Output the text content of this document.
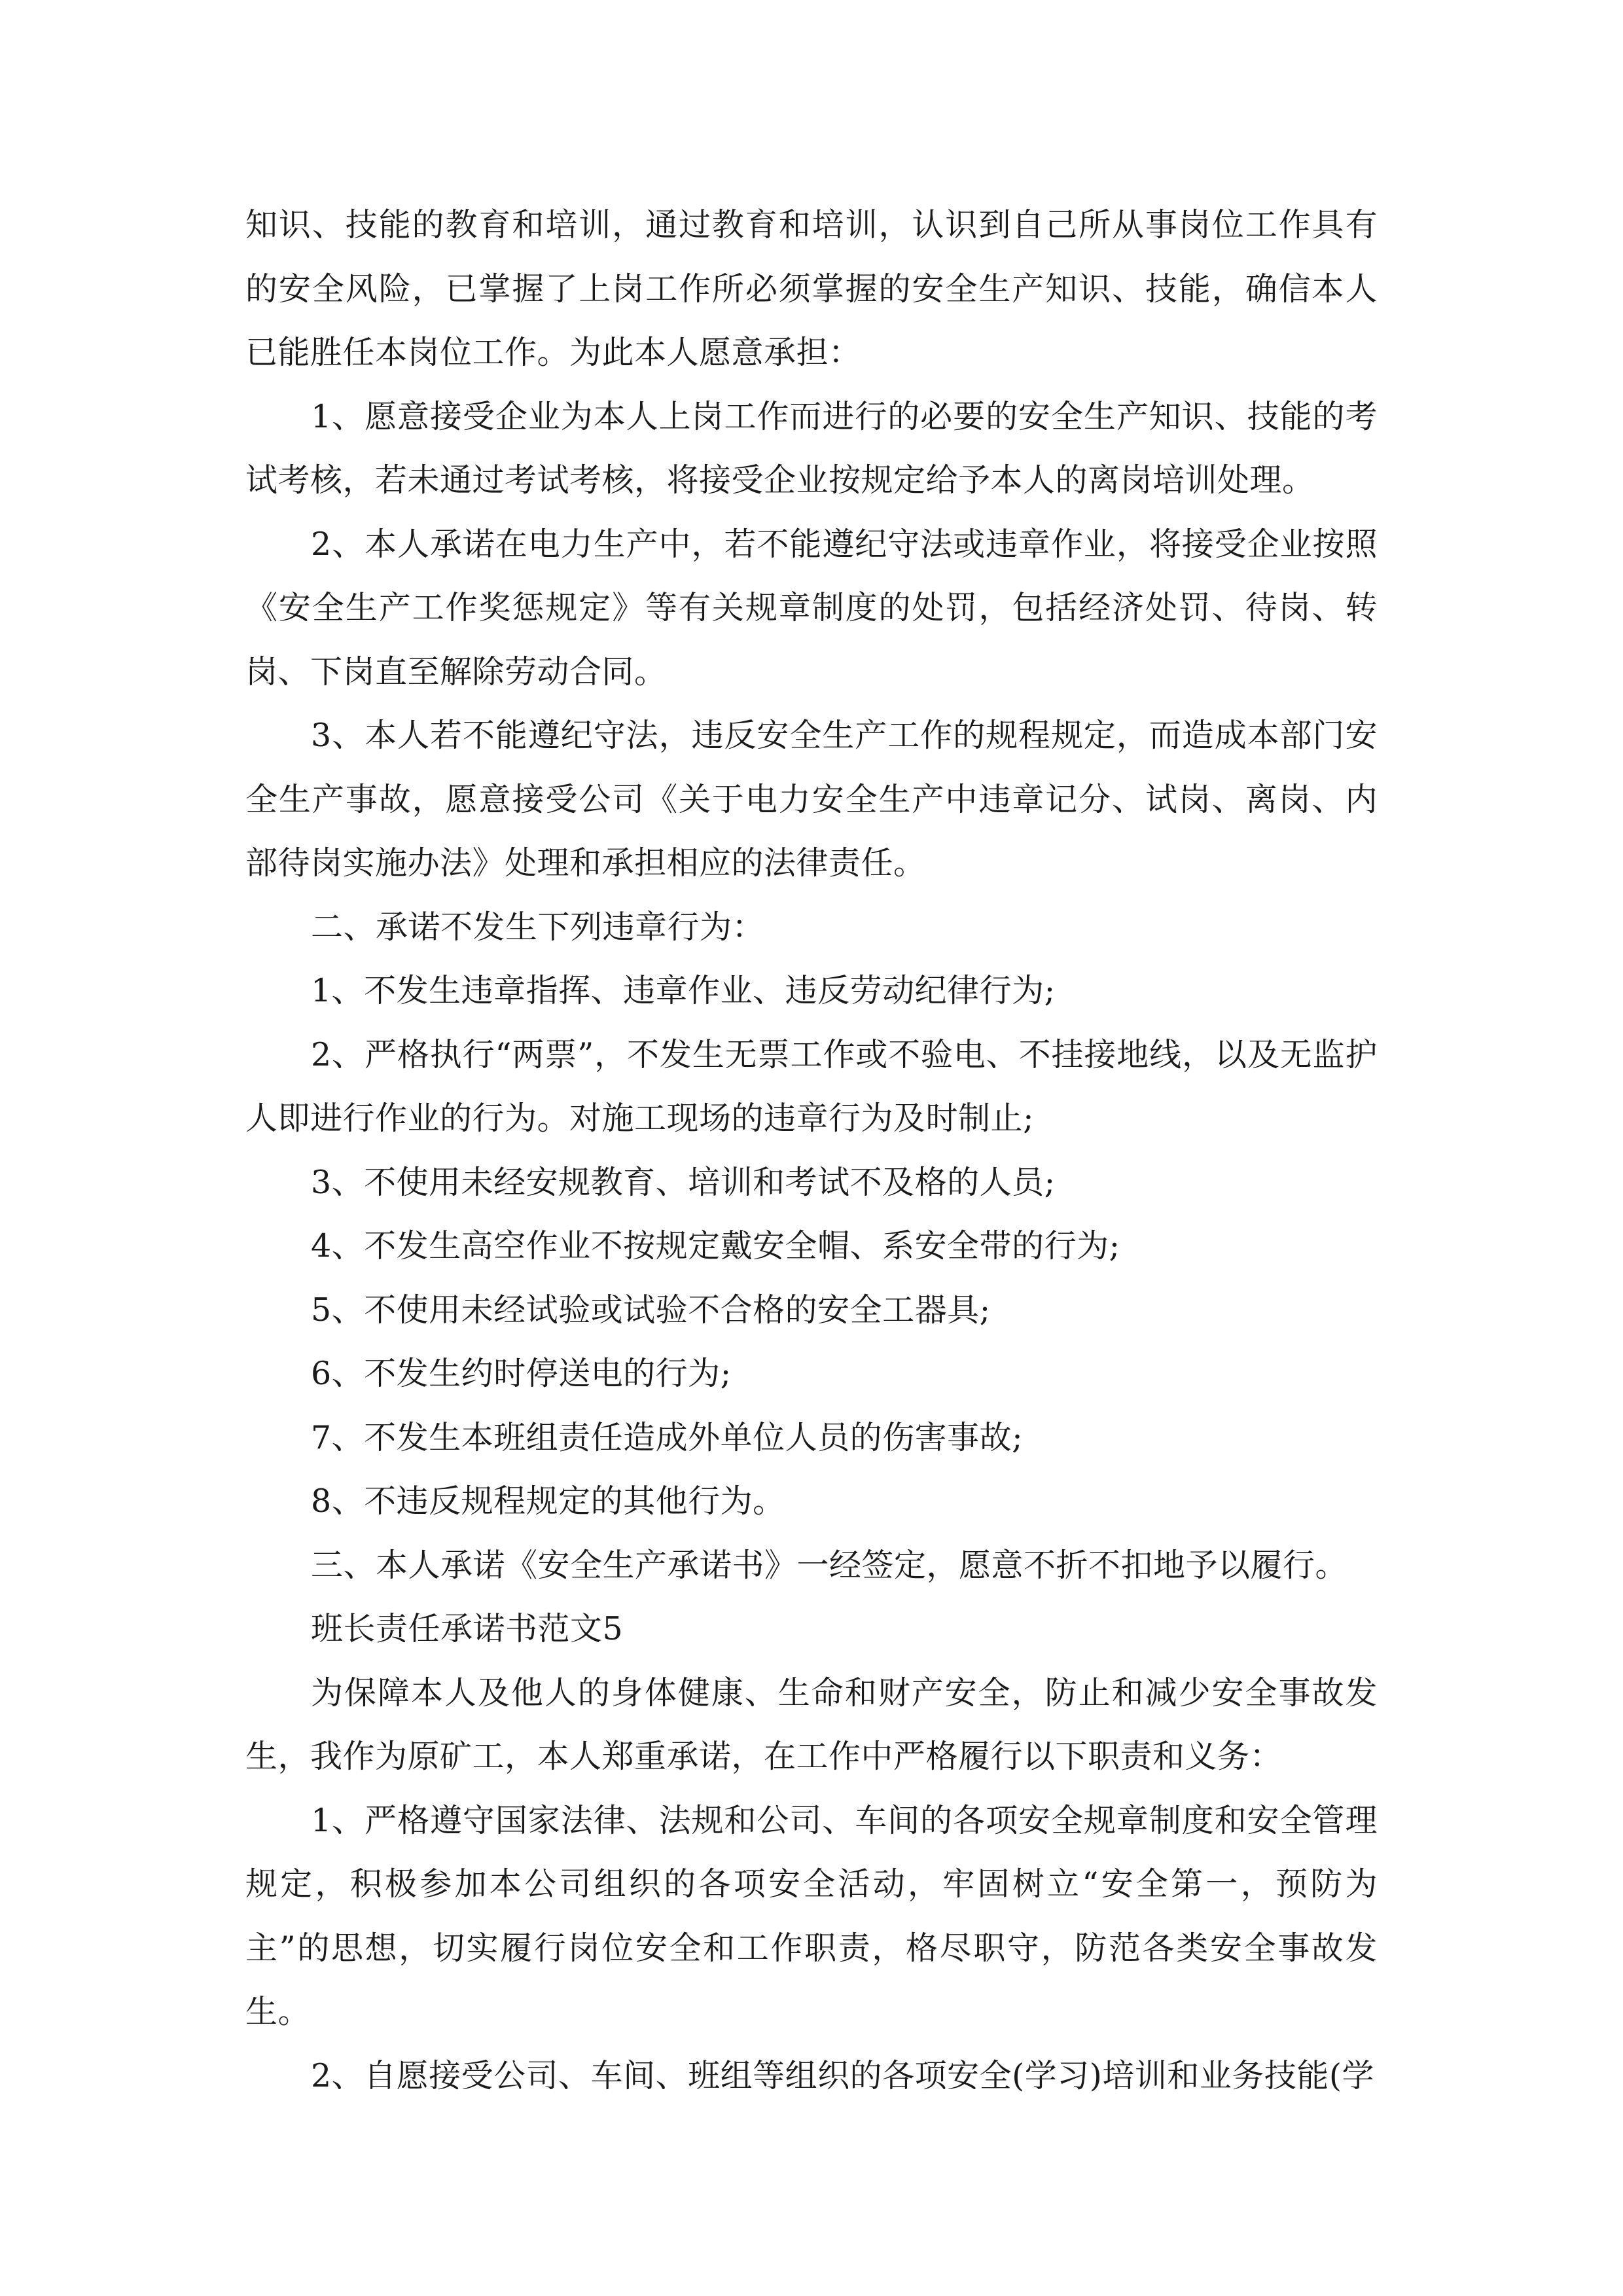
知识、技能的教育和培训，通过教育和培训，认识到自己所从事岗位工作具有的安全风险，已掌握了上岗工作所必须掌握的安全生产知识、技能，确信本人已能胜任本岗位工作。为此本人愿意承担：

1、愿意接受企业为本人上岗工作而进行的必要的安全生产知识、技能的考试考核，若未通过考试考核，将接受企业按规定给予本人的离岗培训处理。

2、本人承诺在电力生产中，若不能遵纪守法或违章作业，将接受企业按照《安全生产工作奖惩规定》等有关规章制度的处罚，包括经济处罚、待岗、转岗、下岗直至解除劳动合同。

3、本人若不能遵纪守法，违反安全生产工作的规程规定，而造成本部门安全生产事故，愿意接受公司《关于电力安全生产中违章记分、试岗、离岗、内部待岗实施办法》处理和承担相应的法律责任。

二、承诺不发生下列违章行为：

1、不发生违章指挥、违章作业、违反劳动纪律行为;

2、严格执行“两票”，不发生无票工作或不验电、不挂接地线，以及无监护人即进行作业的行为。对施工现场的违章行为及时制止;

3、不使用未经安规教育、培训和考试不及格的人员;

4、不发生高空作业不按规定戴安全帽、系安全带的行为;

5、不使用未经试验或试验不合格的安全工器具;

6、不发生约时停送电的行为;

7、不发生本班组责任造成外单位人员的伤害事故;

8、不违反规程规定的其他行为。

三、本人承诺《安全生产承诺书》一经签定，愿意不折不扣地予以履行。

班长责任承诺书范文5

为保障本人及他人的身体健康、生命和财产安全，防止和减少安全事故发生，我作为原矿工，本人郑重承诺，在工作中严格履行以下职责和义务：

1、严格遵守国家法律、法规和公司、车间的各项安全规章制度和安全管理规定，积极参加本公司组织的各项安全活动，牢固树立“安全第一，预防为主”的思想，切实履行岗位安全和工作职责，格尽职守，防范各类安全事故发生。

2、自愿接受公司、车间、班组等组织的各项安全(学习)培训和业务技能(学
